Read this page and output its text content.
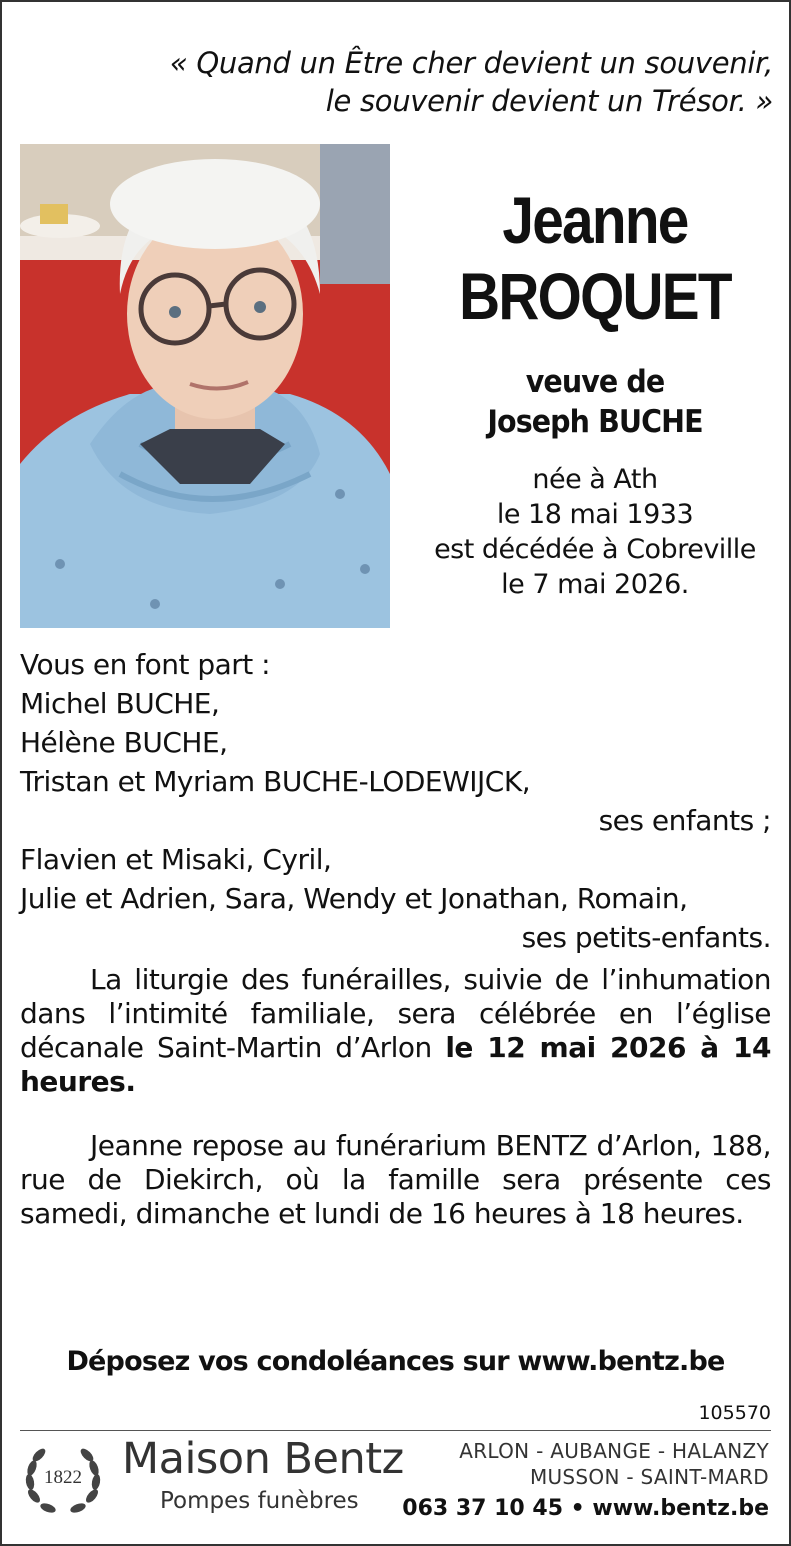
« Quand un Être cher devient un souvenir,
le souvenir devient un Trésor. »
Jeanne
BROQUET
veuve de
Joseph BUCHE
née à Ath
le 18 mai 1933
est décédée à Cobreville
le 7 mai 2026.
Vous en font part :
Michel BUCHE,
Hélène BUCHE,
Tristan et Myriam BUCHE-LODEWIJCK,
ses enfants ;
Flavien et Misaki, Cyril,
Julie et Adrien, Sara, Wendy et Jonathan, Romain,
ses petits-enfants.
La liturgie des funérailles, suivie de l’inhumation dans l’intimité familiale, sera célébrée en l’église décanale Saint-Martin d’Arlon le 12 mai 2026 à 14 heures.
Jeanne repose au funérarium BENTZ d’Arlon, 188, rue de Diekirch, où la famille sera présente ces samedi, dimanche et lundi de 16 heures à 18 heures.
Déposez vos condoléances sur www.bentz.be
105570
1822 Maison Bentz
Pompes funèbres
ARLON - AUBANGE - HALANZY
MUSSON - SAINT-MARD
063 37 10 45 • www.bentz.be
